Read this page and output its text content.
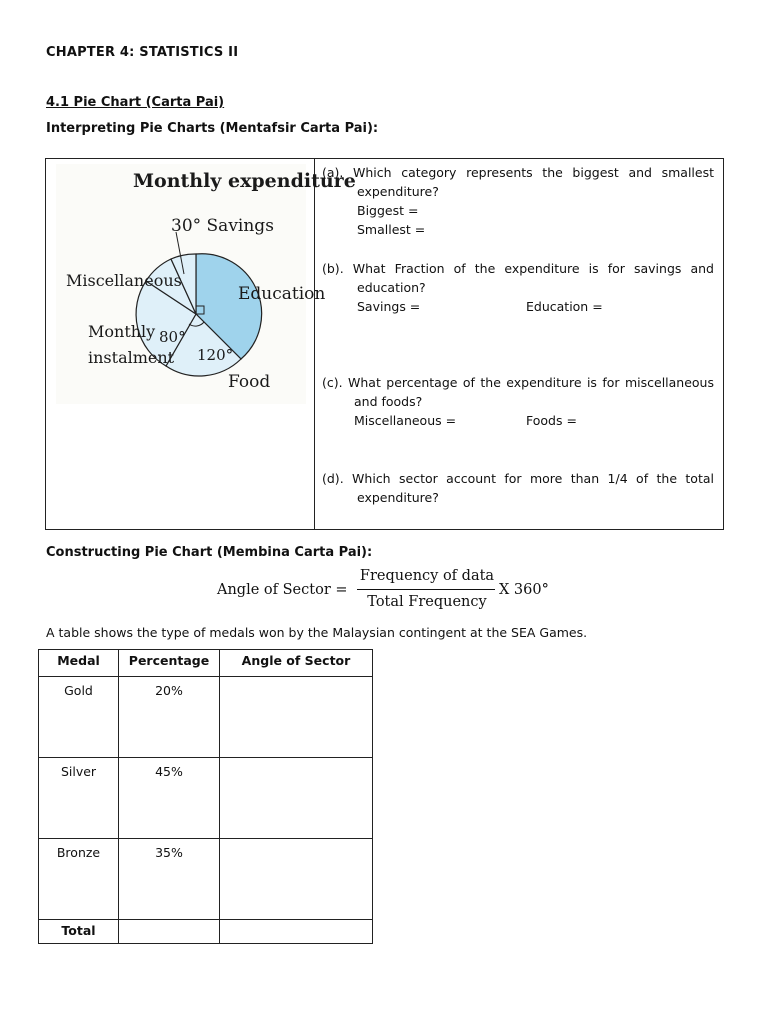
CHAPTER 4: STATISTICS II
4.1 Pie Chart (Carta Pai)
Interpreting Pie Charts (Mentafsir Carta Pai):
Monthly expenditure
30° Savings
Miscellaneous
Education
Monthly
instalment
80°
120°
Food
(a). Which category represents the biggest and smallest
expenditure?
Biggest =
Smallest =
(b). What Fraction of the expenditure is for savings and
education?
Savings =	Education =
(c). What percentage of the expenditure is for miscellaneous
and foods?
Miscellaneous =	Foods =
(d). Which sector account for more than 1/4 of the total
expenditure?
Constructing Pie Chart (Membina Carta Pai):
Angle of Sector =
Frequency of data
Total Frequency
X 360°
A table shows the type of medals won by the Malaysian contingent at the SEA Games.
Medal	Percentage	Angle of Sector
Gold	20%	
Silver	45%	
Bronze	35%	
Total		
